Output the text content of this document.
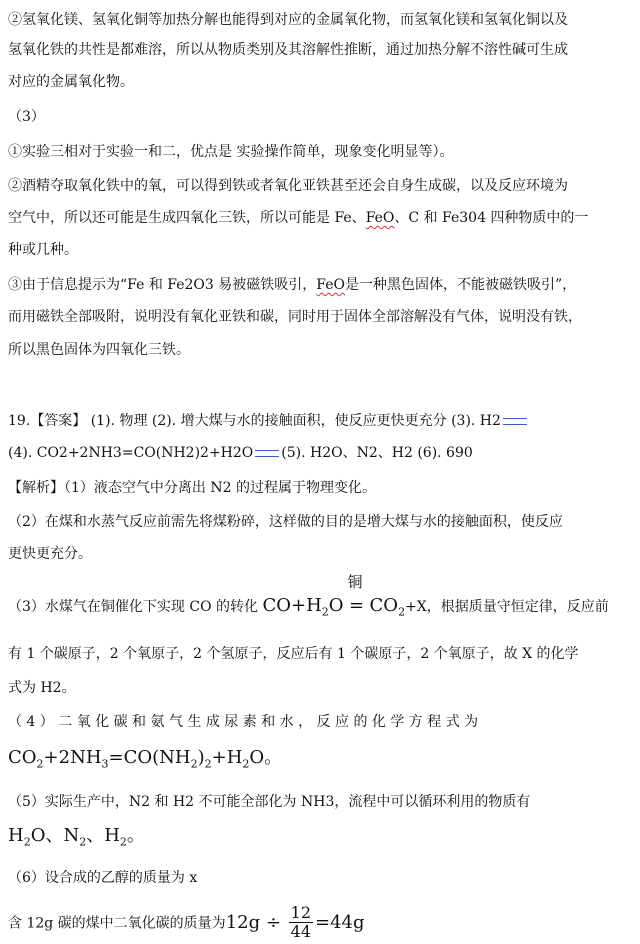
②氢氧化镁、氢氧化铜等加热分解也能得到对应的金属氧化物，而氢氧化镁和氢氧化铜以及
氢氧化铁的共性是都难溶，所以从物质类别及其溶解性推断，通过加热分解不溶性碱可生成
对应的金属氧化物。
（3）
①实验三相对于实验一和二，优点是 实验操作简单，现象变化明显等）。
②酒精夺取氧化铁中的氧，可以得到铁或者氧化亚铁甚至还会自身生成碳，以及反应环境为
空气中，所以还可能是生成四氧化三铁，所以可能是 Fe、FeO、C 和 Fe304 四种物质中的一
种或几种。
③由于信息提示为“Fe 和 Fe2O3 易被磁铁吸引，FeO是一种黑色固体，不能被磁铁吸引”，
而用磁铁全部吸附，说明没有氧化亚铁和碳，同时用于固体全部溶解没有气体，说明没有铁，
所以黑色固体为四氧化三铁。
19.【答案】 (1). 物理 (2). 增大煤与水的接触面积，使反应更快更充分 (3). H2
(4). CO2+2NH3=CO(NH2)2+H2O (5). H2O、N2、H2 (6). 690
【解析】（1）液态空气中分离出 N2 的过程属于物理变化。
（2）在煤和水蒸气反应前需先将煤粉碎，这样做的目的是增大煤与水的接触面积，使反应
更快更充分。
（3）水煤气在铜催化下实现 CO 的转化 $CO+H_2O$
铜
= $CO_2+X$，根据质量守恒定律，反应前
有 1 个碳原子，2 个氧原子，2 个氢原子，反应后有 1 个碳原子，2 个氧原子，故 X 的化学
式为 H2。
（ 4 ） 二 氧 化 碳 和 氨 气 生 成 尿 素 和 水 ， 反 应 的 化 学 方 程 式 为
$CO_2+2NH_3=CO(NH_2)_2+H_2O$。
（5）实际生产中，N2 和 H2 不可能全部化为 NH3，流程中可以循环利用的物质有
$H_2O$、$N_2$、$H_2$。
（6）设合成的乙醇的质量为 x
含 12g 碳的煤中二氧化碳的质量为$12g \div \frac{12}{44} =44g$
